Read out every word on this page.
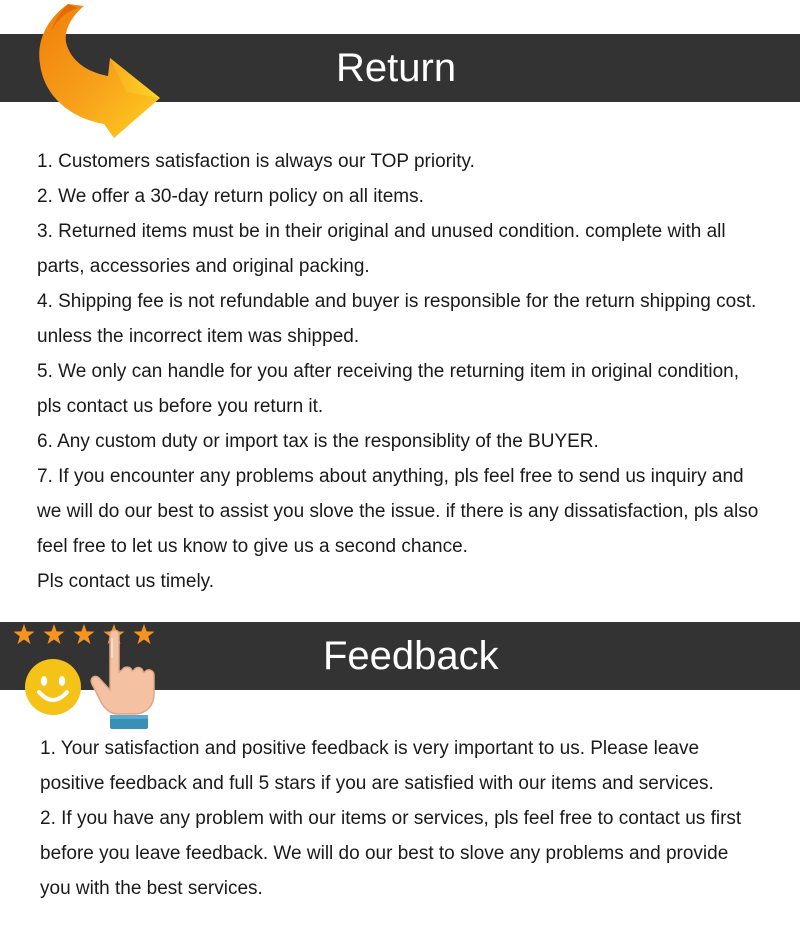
Return
1. Customers satisfaction is always our TOP priority.
2. We offer a 30-day return policy on all items.
3. Returned items must be in their original and unused condition. complete with all
parts, accessories and original packing.
4. Shipping fee is not refundable and buyer is responsible for the return shipping cost.
unless the incorrect item was shipped.
5. We only can handle for you after receiving the returning item in original condition,
pls contact us before you return it.
6. Any custom duty or import tax is the responsiblity of the BUYER.
7. If you encounter any problems about anything, pls feel free to send us inquiry and
we will do our best to assist you slove the issue. if there is any dissatisfaction, pls also
feel free to let us know to give us a second chance.
Pls contact us timely.
Feedback
1. Your satisfaction and positive feedback is very important to us. Please leave
positive feedback and full 5 stars if you are satisfied with our items and services.
2. If you have any problem with our items or services, pls feel free to contact us first
before you leave feedback. We will do our best to slove any problems and provide
you with the best services.
